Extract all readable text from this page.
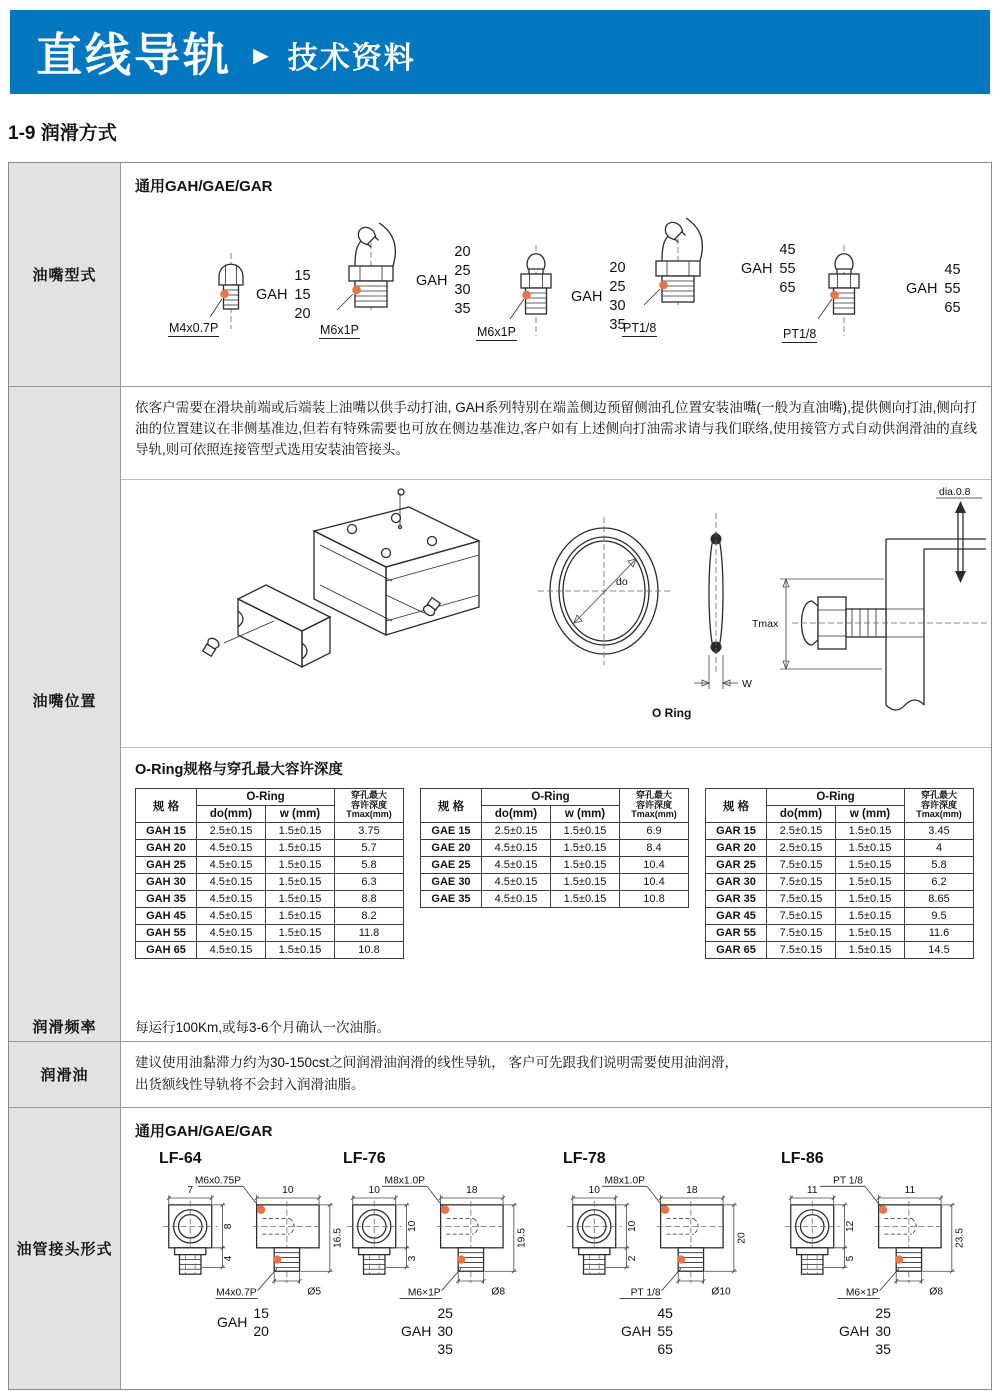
直线导轨 ► 技术资料
1-9 润滑方式
油嘴型式
通用GAH/GAE/GAR
GAH
15
15
20
M4x0.7P
GAH
20
25
30
35
M6x1P
GAH
20
25
30
35
M6x1P
GAH
45
55
65
PT1/8
GAH
45
55
65
PT1/8
油嘴位置
依客户需要在滑块前端或后端装上油嘴以供手动打油, GAH系列特别在端盖侧边预留侧油孔位置安装油嘴(一般为直油嘴),提供侧向打油,侧向打油的位置建议在非侧基准边,但若有特殊需要也可放在侧边基准边,客户如有上述侧向打油需求请与我们联络,使用接管方式自动供润滑油的直线导轨,则可依照连接管型式选用安装油管接头。
do
W
O Ring
Tmax
dia.0.8
O-Ring规格与穿孔最大容许深度
规 格	O-Ring		穿孔最大
容许深度
Tmax(mm)
	do(mm)	w (mm)	
GAH 15	2.5±0.15	1.5±0.15	3.75
GAH 20	4.5±0.15	1.5±0.15	5.7
GAH 25	4.5±0.15	1.5±0.15	5.8
GAH 30	4.5±0.15	1.5±0.15	6.3
GAH 35	4.5±0.15	1.5±0.15	8.8
GAH 45	4.5±0.15	1.5±0.15	8.2
GAH 55	4.5±0.15	1.5±0.15	11.8
GAH 65	4.5±0.15	1.5±0.15	10.8
规 格	O-Ring		穿孔最大
容许深度
Tmax(mm)
	do(mm)	w (mm)	
GAE 15	2.5±0.15	1.5±0.15	6.9
GAE 20	4.5±0.15	1.5±0.15	8.4
GAE 25	4.5±0.15	1.5±0.15	10.4
GAE 30	4.5±0.15	1.5±0.15	10.4
GAE 35	4.5±0.15	1.5±0.15	10.8
规 格	O-Ring		穿孔最大
容许深度
Tmax(mm)
	do(mm)	w (mm)	
GAR 15	2.5±0.15	1.5±0.15	3.45
GAR 20	2.5±0.15	1.5±0.15	4
GAR 25	7.5±0.15	1.5±0.15	5.8
GAR 30	7.5±0.15	1.5±0.15	6.2
GAR 35	7.5±0.15	1.5±0.15	8.65
GAR 45	7.5±0.15	1.5±0.15	9.5
GAR 55	7.5±0.15	1.5±0.15	11.6
GAR 65	7.5±0.15	1.5±0.15	14.5
润滑频率	每运行100Km,或每3-6个月确认一次油脂。
润滑油
建议使用油黏滞力约为30-150cst之间润滑油润滑的线性导轨， 客户可先跟我们说明需要使用油润滑，
出货额线性导轨将不会封入润滑油脂。
油管接头形式
通用GAH/GAE/GAR
LF-64
M6x0.75P
7	10
8
4
16.5
M4x0.7P	Ø5
GAH
15
20
LF-76
M8x1.0P
10	18
10
3
19.5
M6×1P	Ø8
GAH
25
30
35
LF-78
M8x1.0P
10	18
10
2
20
PT 1/8	Ø10
GAH
45
55
65
LF-86
PT 1/8
11	11
12
5
23.5
M6×1P	Ø8
GAH
25
30
35
